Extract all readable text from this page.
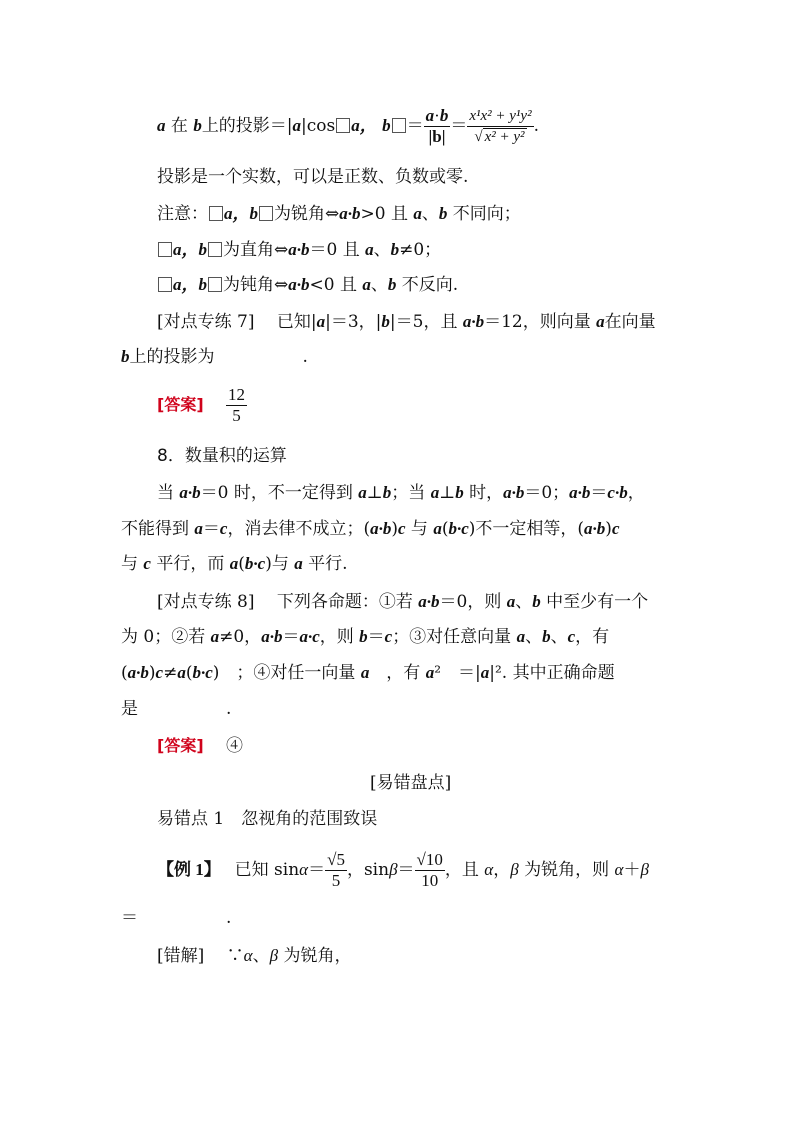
a 在 b上的投影＝|a|cos a， $b = \frac{a\cdot b}{|b|} = \frac{\text{x¹x² + y¹y²}}{\text{√ x² + y²}}$ .
投影是一个实数，可以是正数、负数或零.
注意： a，b 为锐角⇔a·b>0 且 a、b 不同向；
a，b 为直角⇔a·b＝0 且 a、b≠0；
a，b 为钝角⇔a·b<0 且 a、b 不反向.
[对点专练 7]　 已知|a|＝3，|b|＝5，且 a·b＝12，则向量 a在向量
b上的投影为	.
[答案]　 $\frac{12}{5}$
8．数量积的运算
当 a·b＝0 时，不一定得到 a⊥b；当 a⊥b 时，a·b＝0；a·b＝c·b，
不能得到 a＝c，消去律不成立；(a·b)c 与 a(b·c)不一定相等，(a·b)c
与 c 平行，而 a(b·c)与 a 平行.
[对点专练 8]　 下列各命题：①若 a·b＝0，则 a、b 中至少有一个
为 0；②若 a≠0，a·b＝a·c，则 b＝c；③对任意向量 a、b、c，有
(a·b)c≠a(b·c)　；④对任一向量 a　，有 a²　＝|a|². 其中正确命题
是	.
[答案]　 ④
[易错盘点]
易错点 1　 忽视角的范围致误
【例 1】　 已知 $\sin\alpha= \frac{√5}{5}$ ，$\sin\beta= \frac{√10}{10}$ ，且 α，β 为锐角，则 α＋β
＝	.
[错解]　 ∵α、β 为锐角，
